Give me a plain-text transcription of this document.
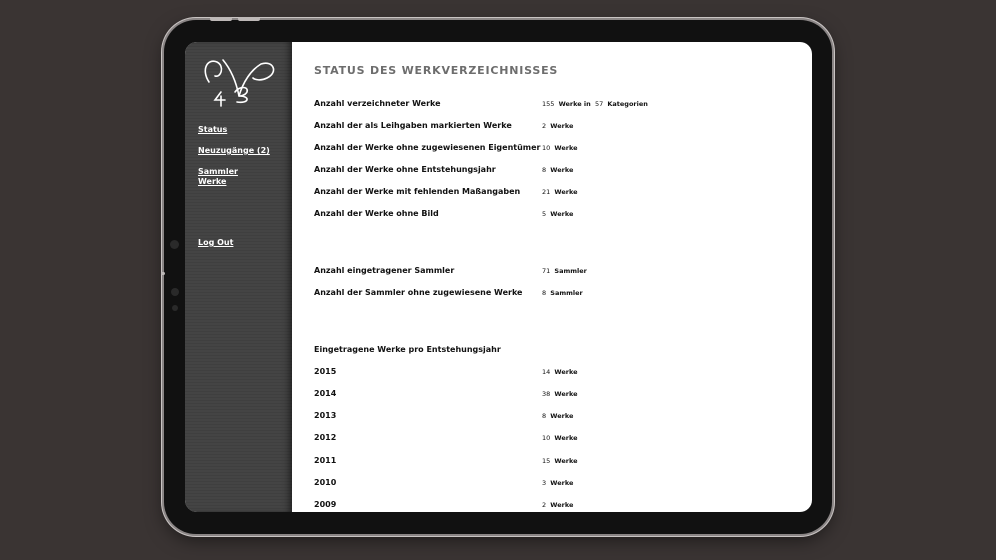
Status
Neuzugänge (2)
Sammler Werke
Log Out
STATUS DES WERKVERZEICHNISSES
Anzahl verzeichneter Werke	155 Werke in 57 Kategorien
Anzahl der als Leihgaben markierten Werke	2 Werke
Anzahl der Werke ohne zugewiesenen Eigentümer 10 Werke
Anzahl der Werke ohne Entstehungsjahr	8 Werke
Anzahl der Werke mit fehlenden Maßangaben	21 Werke
Anzahl der Werke ohne Bild	5 Werke
Anzahl eingetragener Sammler	71 Sammler
Anzahl der Sammler ohne zugewiesene Werke	8 Sammler
Eingetragene Werke pro Entstehungsjahr
2015	14 Werke
2014	38 Werke
2013	8 Werke
2012	10 Werke
2011	15 Werke
2010	3 Werke
2009	2 Werke
